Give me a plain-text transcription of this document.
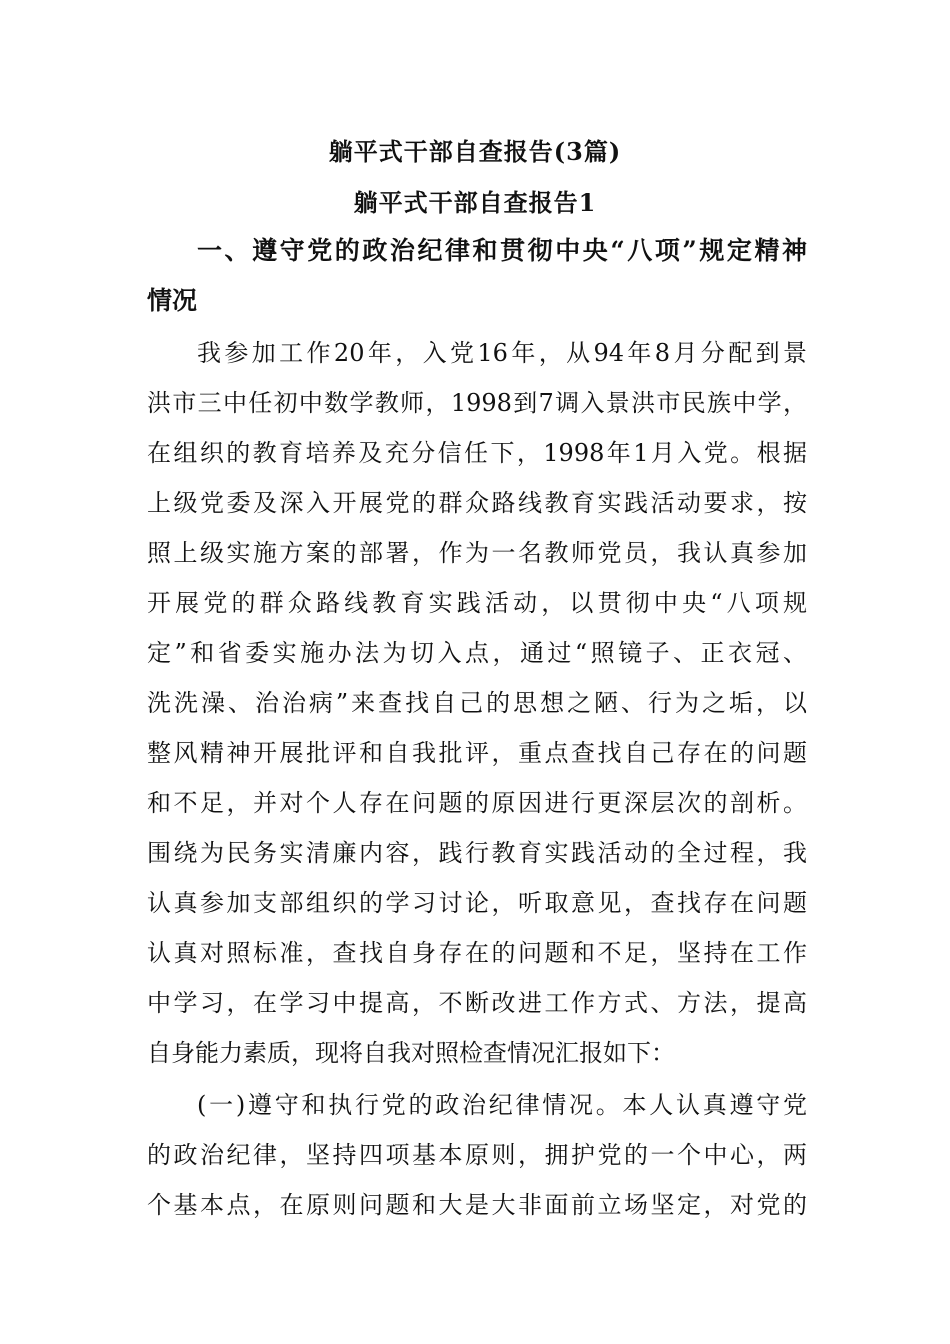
躺平式干部自查报告(3篇)
躺平式干部自查报告1
一、遵守党的政治纪律和贯彻中央“八项”规定精神
情况
我参加工作20年，入党16年，从94年8月分配到景
洪市三中任初中数学教师，1998到7调入景洪市民族中学，
在组织的教育培养及充分信任下，1998年1月入党。根据
上级党委及深入开展党的群众路线教育实践活动要求，按
照上级实施方案的部署，作为一名教师党员，我认真参加
开展党的群众路线教育实践活动，以贯彻中央“八项规
定”和省委实施办法为切入点，通过“照镜子、正衣冠、
洗洗澡、治治病”来查找自己的思想之陋、行为之垢，以
整风精神开展批评和自我批评，重点查找自己存在的问题
和不足，并对个人存在问题的原因进行更深层次的剖析。
围绕为民务实清廉内容，践行教育实践活动的全过程，我
认真参加支部组织的学习讨论，听取意见，查找存在问题
认真对照标准，查找自身存在的问题和不足，坚持在工作
中学习，在学习中提高，不断改进工作方式、方法，提高
自身能力素质，现将自我对照检查情况汇报如下：
(一)遵守和执行党的政治纪律情况。本人认真遵守党
的政治纪律，坚持四项基本原则，拥护党的一个中心，两
个基本点，在原则问题和大是大非面前立场坚定，对党的
